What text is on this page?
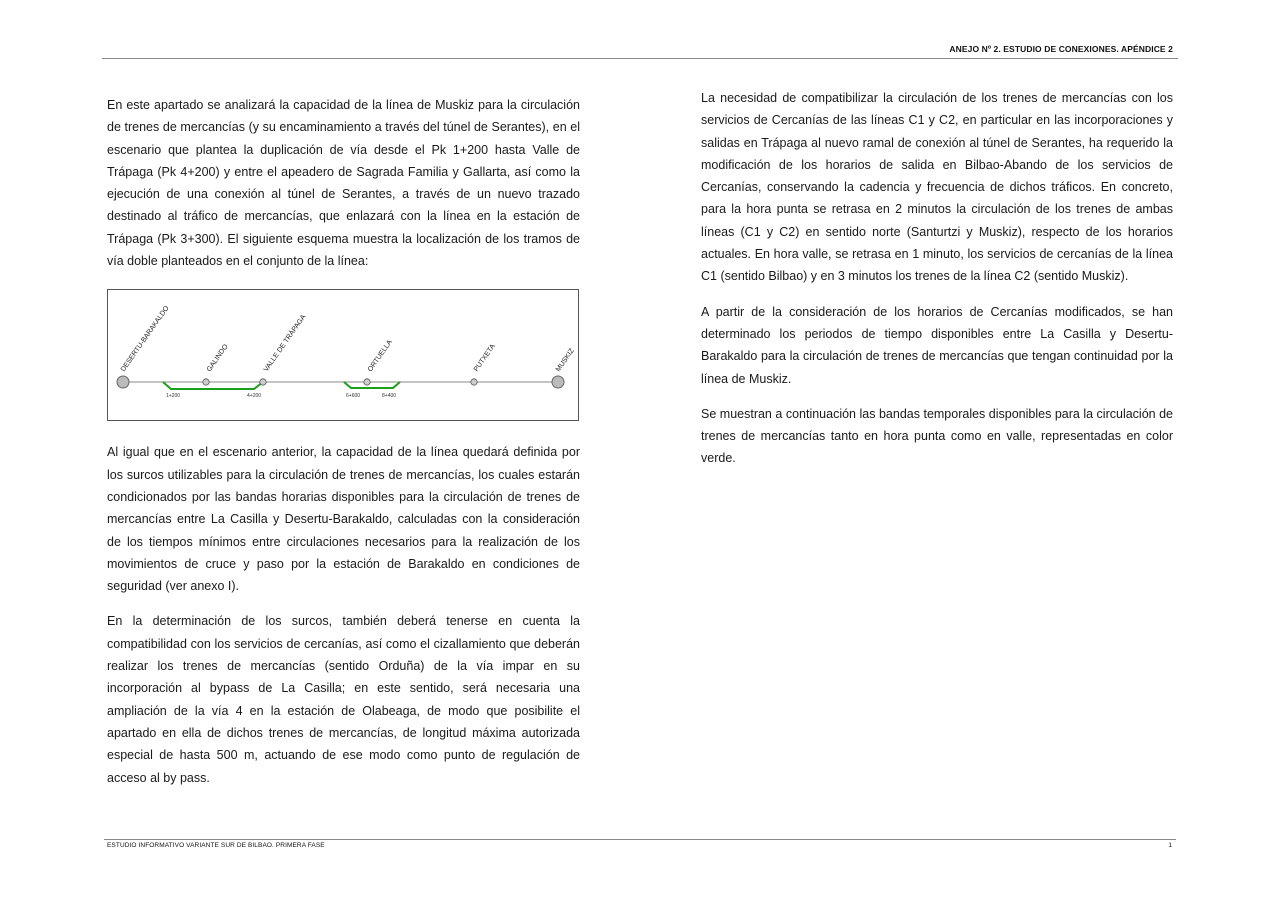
ANEJO Nº 2. ESTUDIO DE CONEXIONES. APÉNDICE 2

En este apartado se analizará la capacidad de la línea de Muskiz para la circulación de trenes de mercancías (y su encaminamiento a través del túnel de Serantes), en el escenario que plantea la duplicación de vía desde el Pk 1+200 hasta Valle de Trápaga (Pk 4+200) y entre el apeadero de Sagrada Familia y Gallarta, así como la ejecución de una conexión al túnel de Serantes, a través de un nuevo trazado destinado al tráfico de mercancías, que enlazará con la línea en la estación de Trápaga (Pk 3+300). El siguiente esquema muestra la localización de los tramos de vía doble planteados en el conjunto de la línea:

DESERTU-BARAKALDO	GALINDO	VALLE DE TRÁPAGA	ORTUELLA	PUTXETA	MUSKIZ
1+200	4+200	6+600	8+400

Al igual que en el escenario anterior, la capacidad de la línea quedará definida por los surcos utilizables para la circulación de trenes de mercancías, los cuales estarán condicionados por las bandas horarias disponibles para la circulación de trenes de mercancías entre La Casilla y Desertu-Barakaldo, calculadas con la consideración de los tiempos mínimos entre circulaciones necesarios para la realización de los movimientos de cruce y paso por la estación de Barakaldo en condiciones de seguridad (ver anexo I).

En la determinación de los surcos, también deberá tenerse en cuenta la compatibilidad con los servicios de cercanías, así como el cizallamiento que deberán realizar los trenes de mercancías (sentido Orduña) de la vía impar en su incorporación al bypass de La Casilla; en este sentido, será necesaria una ampliación de la vía 4 en la estación de Olabeaga, de modo que posibilite el apartado en ella de dichos trenes de mercancías, de longitud máxima autorizada especial de hasta 500 m, actuando de ese modo como punto de regulación de acceso al by pass.

La necesidad de compatibilizar la circulación de los trenes de mercancías con los servicios de Cercanías de las líneas C1 y C2, en particular en las incorporaciones y salidas en Trápaga al nuevo ramal de conexión al túnel de Serantes, ha requerido la modificación de los horarios de salida en Bilbao-Abando de los servicios de Cercanías, conservando la cadencia y frecuencia de dichos tráficos. En concreto, para la hora punta se retrasa en 2 minutos la circulación de los trenes de ambas líneas (C1 y C2) en sentido norte (Santurtzi y Muskiz), respecto de los horarios actuales. En hora valle, se retrasa en 1 minuto, los servicios de cercanías de la línea C1 (sentido Bilbao) y en 3 minutos los trenes de la línea C2 (sentido Muskiz).

A partir de la consideración de los horarios de Cercanías modificados, se han determinado los periodos de tiempo disponibles entre La Casilla y Desertu-Barakaldo para la circulación de trenes de mercancías que tengan continuidad por la línea de Muskiz.

Se muestran a continuación las bandas temporales disponibles para la circulación de trenes de mercancías tanto en hora punta como en valle, representadas en color verde.

ESTUDIO INFORMATIVO VARIANTE SUR DE BILBAO. PRIMERA FASE	1
